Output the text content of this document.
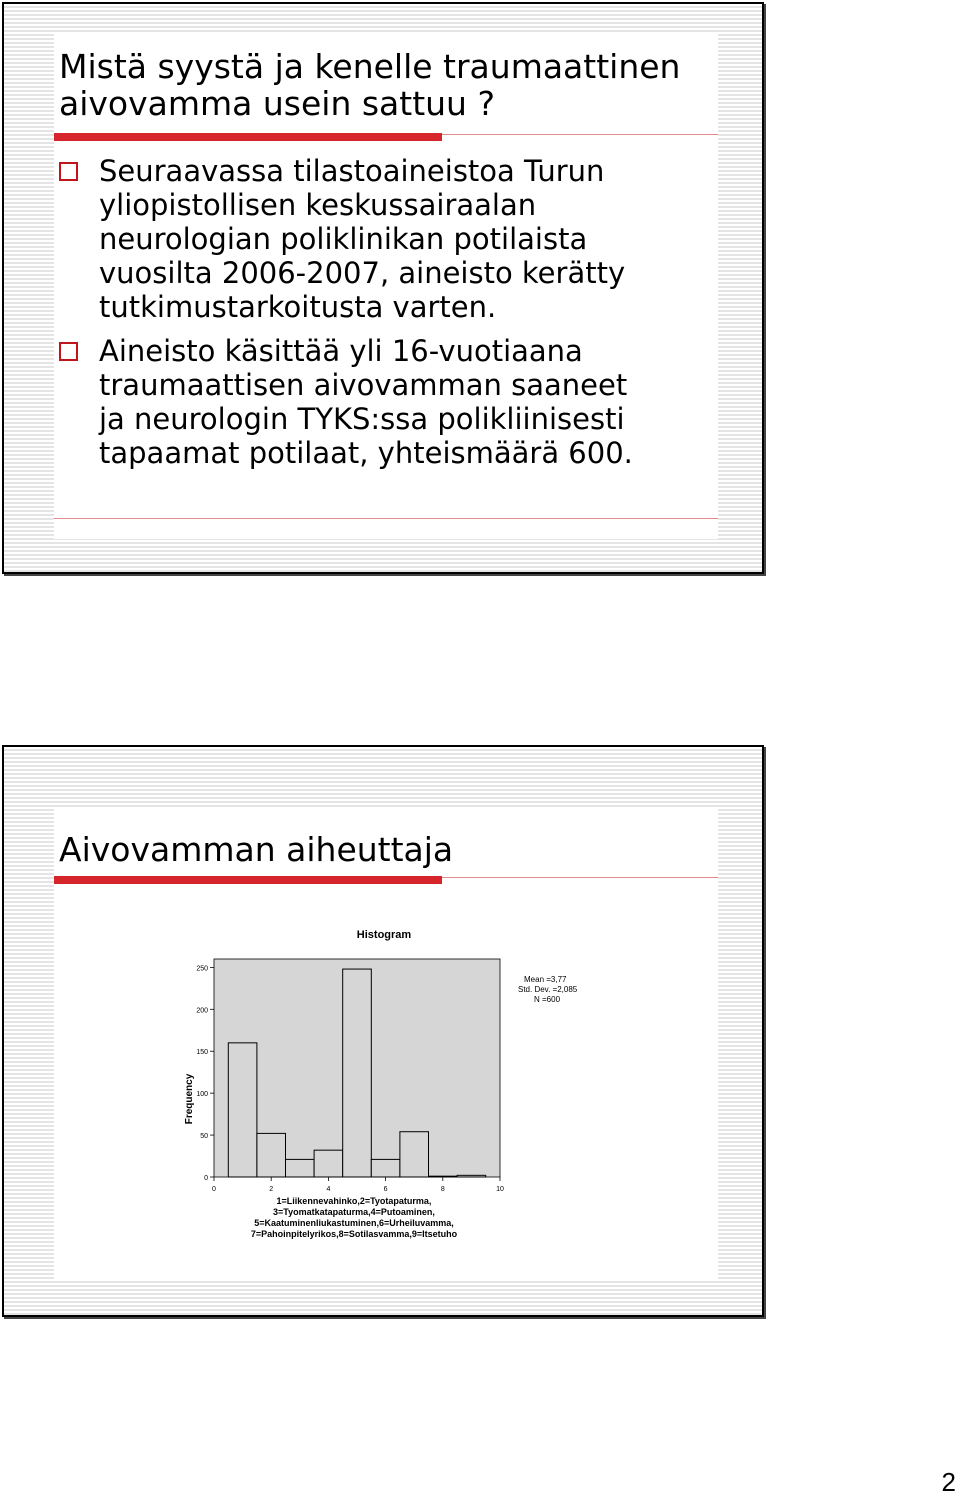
Mistä syystä ja kenelle traumaattinen
aivovamma usein sattuu ?
Seuraavassa tilastoaineistoa Turun
yliopistollisen keskussairaalan
neurologian poliklinikan potilaista
vuosilta 2006-2007, aineisto kerätty
tutkimustarkoitusta varten.
Aineisto käsittää yli 16-vuotiaana
traumaattisen aivovamman saaneet
ja neurologin TYKS:ssa polikliinisesti
tapaamat potilaat, yhteismäärä 600.
Aivovamman aiheuttaja
Histogram
Frequency
Mean =3,77
Std. Dev. =2,085
N =600
1=Liikennevahinko,2=Tyotapaturma,
3=Tyomatkatapaturma,4=Putoaminen,
5=Kaatuminenliukastuminen,6=Urheiluvamma,
7=Pahoinpitelyrikos,8=Sotilasvamma,9=Itsetuho
0
50
100
150
200
250
0	2	4	6	8	10
2
